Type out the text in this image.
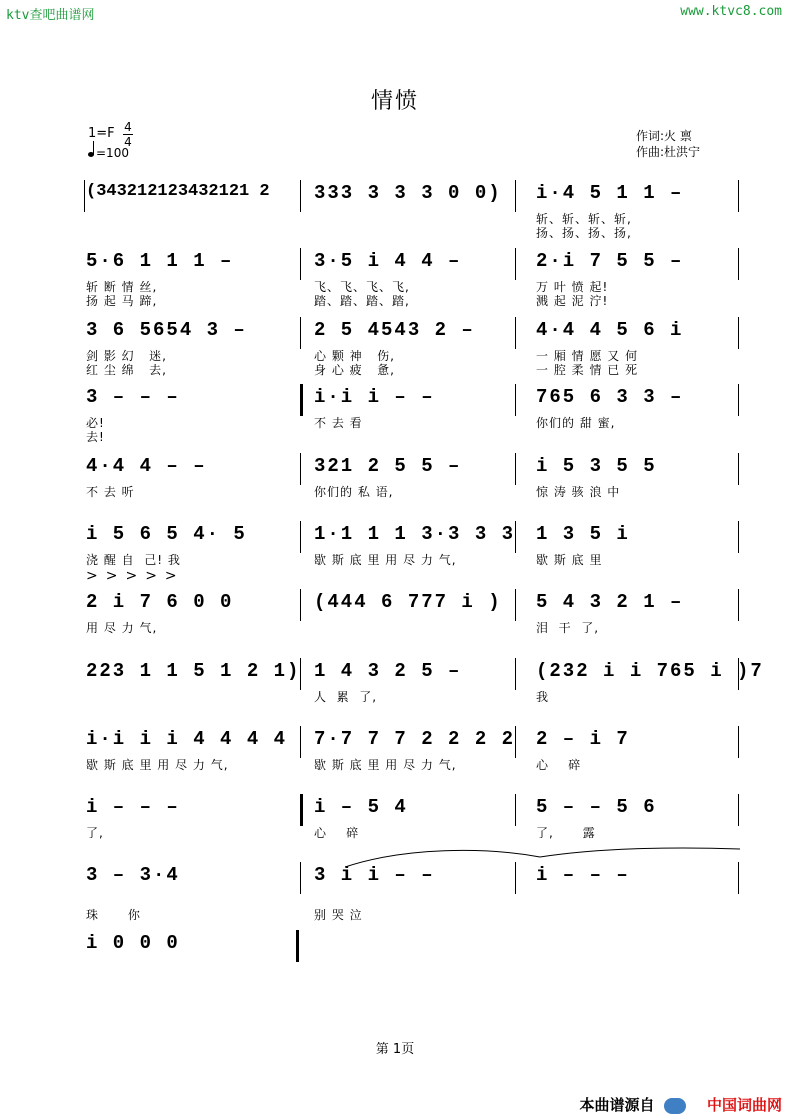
ktv查吧曲谱网	www.ktvc8.com
情愤
1=F 4
4
=100
作词:火 禀
作曲:杜洪宁
(343212123432121 2 333 3 3 3 0 0) i·4 5 1 1 –
斩、斩、斩、斩,
扬、扬、扬、扬,
5·6 1 1 1 –
斩 断 情 丝,
扬 起 马 蹄,
3·5 i 4 4 –
飞、飞、飞、飞,
踏、踏、踏、踏,
2·i 7 5 5 –
万 叶 愤 起!
溅 起 泥 泞!
3 6 5654 3 –
剑 影 幻   迷,
红 尘 绵   去,
2 5 4543 2 –
心 颗 神   伤,
身 心 疲   惫,
4·4 4 5 6 i
一 厢 情 愿 又 何
一 腔 柔 情 已 死
3 – – –
必!
去!
i·i i – –
不 去 看
765 6 3 3 –
你们的 甜 蜜,
4·4 4 – –
不 去 听
321 2 5 5 –
你们的 私 语,
i 5 3 5 5
惊 涛 骇 浪 中
i 5 6 5 4· 5
浇 醒 自  己! 我
1·1 1 1 3·3 3 3
歇 斯 底 里 用 尽 力 气,
1 3 5 i
歇 斯 底 里
2 i 7 6 0 0
用 尽 力 气,
(444 6 777 i ) 5 4 3 2 1 –
泪  干  了,
223 1 1 5 1 2 1) 1 4 3 2 5 –
人  累  了,
(232 i i 765 i )7
我
i·i i i 4 4 4 4
歇 斯 底 里 用 尽 力 气,
7·7 7 7 2 2 2 2
歇 斯 底 里 用 尽 力 气,
2 – i 7
心    碎
i – – –
了,
i – 5 4
心    碎
5 – – 5 6
了,      露
3 – 3·4
珠      你
3 i i – –
别 哭 泣
i – – –
i 0 0 0
>>>>>
第 1页
本曲谱源自	中国词曲网
